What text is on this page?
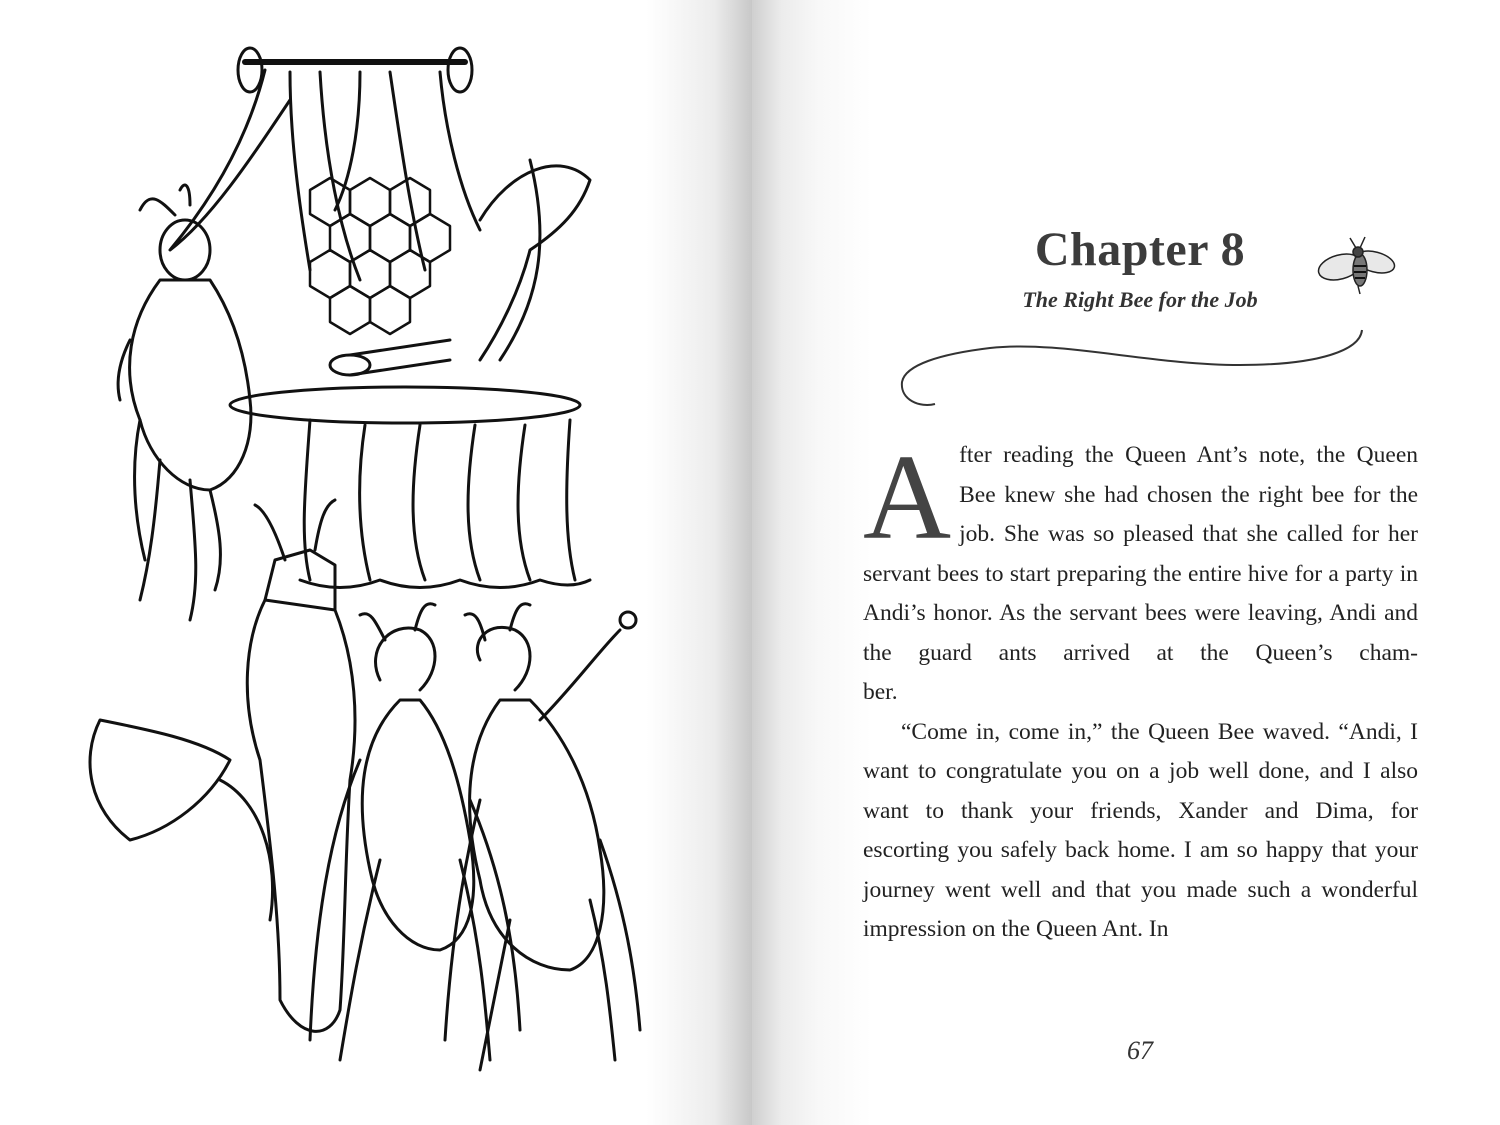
Chapter 8
The Right Bee for the Job

After reading the Queen Ant’s note, the Queen Bee knew she had chosen the right bee for the job. She was so pleased that she called for her servant bees to start preparing the entire hive for a party in Andi’s honor. As the servant bees were leaving, Andi and the guard ants arrived at the Queen’s cham-

ber.

“Come in, come in,” the Queen Bee waved. “Andi, I want to congratulate you on a job well done, and I also want to thank your friends, Xander and Dima, for escorting you safely back home. I am so happy that your journey went well and that you made such a wonderful impression on the Queen Ant. In

67
